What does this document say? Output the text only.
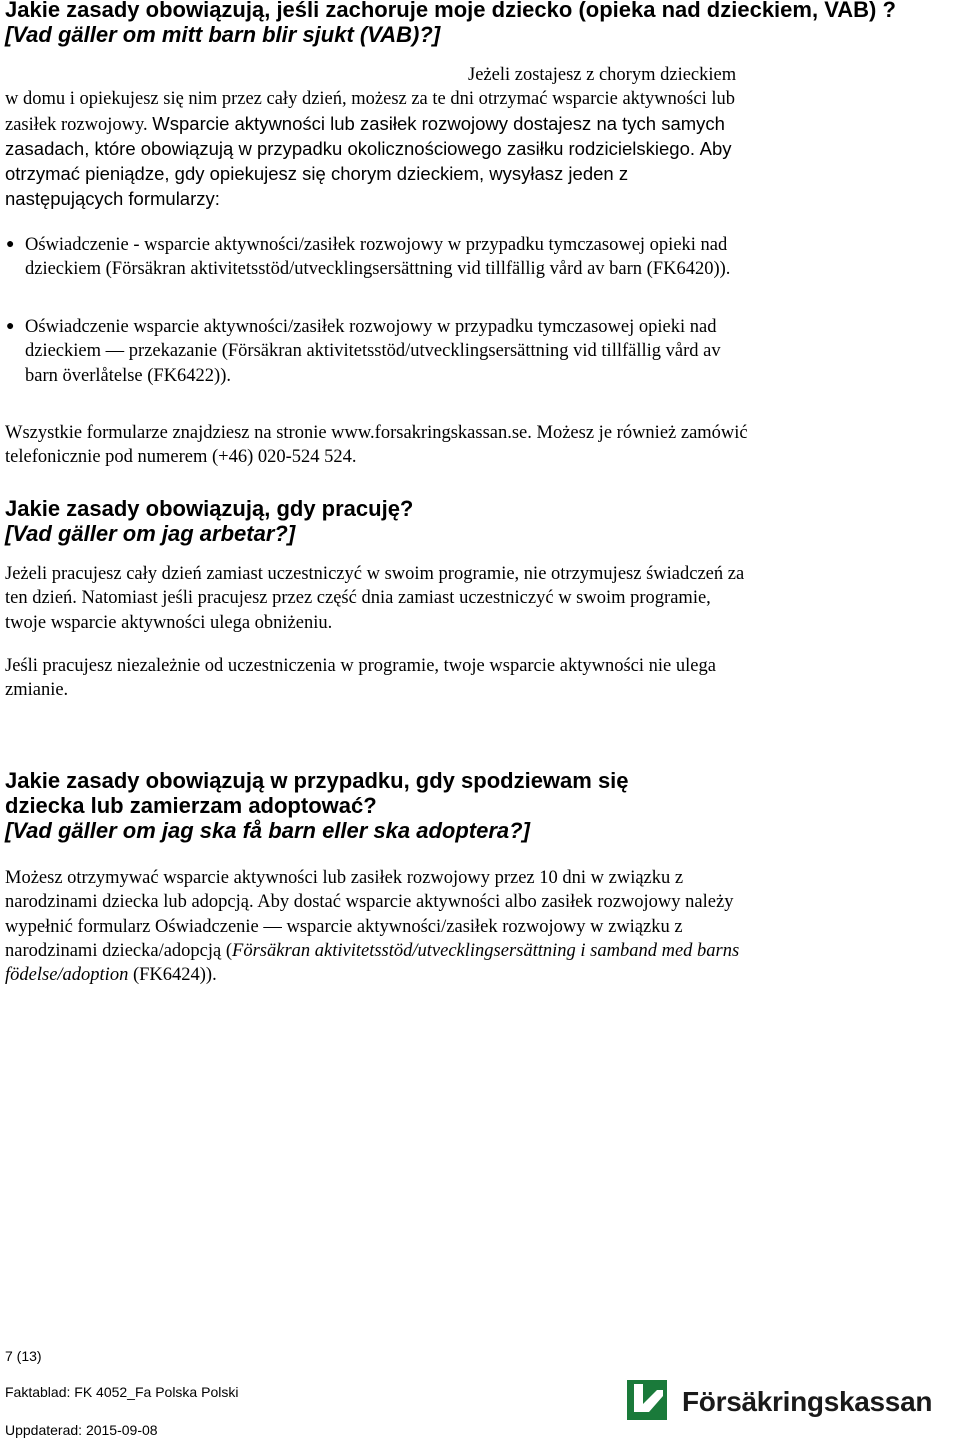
Jakie zasady obowiązują, jeśli zachoruje moje dziecko (opieka nad dzieckiem, VAB) ?
[Vad gäller om mitt barn blir sjukt (VAB)?]

Jeżeli zostajesz z chorym dzieckiem w domu i opiekujesz się nim przez cały dzień, możesz za te dni otrzymać wsparcie aktywności lub zasiłek rozwojowy. Wsparcie aktywności lub zasiłek rozwojowy dostajesz na tych samych zasadach, które obowiązują w przypadku okolicznościowego zasiłku rodzicielskiego. Aby otrzymać pieniądze, gdy opiekujesz się chorym dzieckiem, wysyłasz jeden z następujących formularzy:

● Oświadczenie - wsparcie aktywności/zasiłek rozwojowy w przypadku tymczasowej opieki nad dzieckiem (Försäkran aktivitetsstöd/utvecklingsersättning vid tillfällig vård av barn (FK6420)).

● Oświadczenie wsparcie aktywności/zasiłek rozwojowy w przypadku tymczasowej opieki nad dzieckiem — przekazanie (Försäkran aktivitetsstöd/utvecklingsersättning vid tillfällig vård av barn överlåtelse (FK6422)).

Wszystkie formularze znajdziesz na stronie www.forsakringskassan.se. Możesz je również zamówić telefonicznie pod numerem (+46) 020-524 524.

Jakie zasady obowiązują, gdy pracuję?
[Vad gäller om jag arbetar?]

Jeżeli pracujesz cały dzień zamiast uczestniczyć w swoim programie, nie otrzymujesz świadczeń za ten dzień. Natomiast jeśli pracujesz przez część dnia zamiast uczestniczyć w swoim programie, twoje wsparcie aktywności ulega obniżeniu.

Jeśli pracujesz niezależnie od uczestniczenia w programie, twoje wsparcie aktywności nie ulega zmianie.

Jakie zasady obowiązują w przypadku, gdy spodziewam się
dziecka lub zamierzam adoptować?
[Vad gäller om jag ska få barn eller ska adoptera?]

Możesz otrzymywać wsparcie aktywności lub zasiłek rozwojowy przez 10 dni w związku z narodzinami dziecka lub adopcją. Aby dostać wsparcie aktywności albo zasiłek rozwojowy należy wypełnić formularz Oświadczenie — wsparcie aktywności/zasiłek rozwojowy w związku z narodzinami dziecka/adopcją (Försäkran aktivitetsstöd/utvecklingsersättning i samband med barns födelse/adoption (FK6424)).

7 (13)
Faktablad: FK 4052_Fa Polska Polski
Uppdaterad: 2015-09-08
Försäkringskassan
